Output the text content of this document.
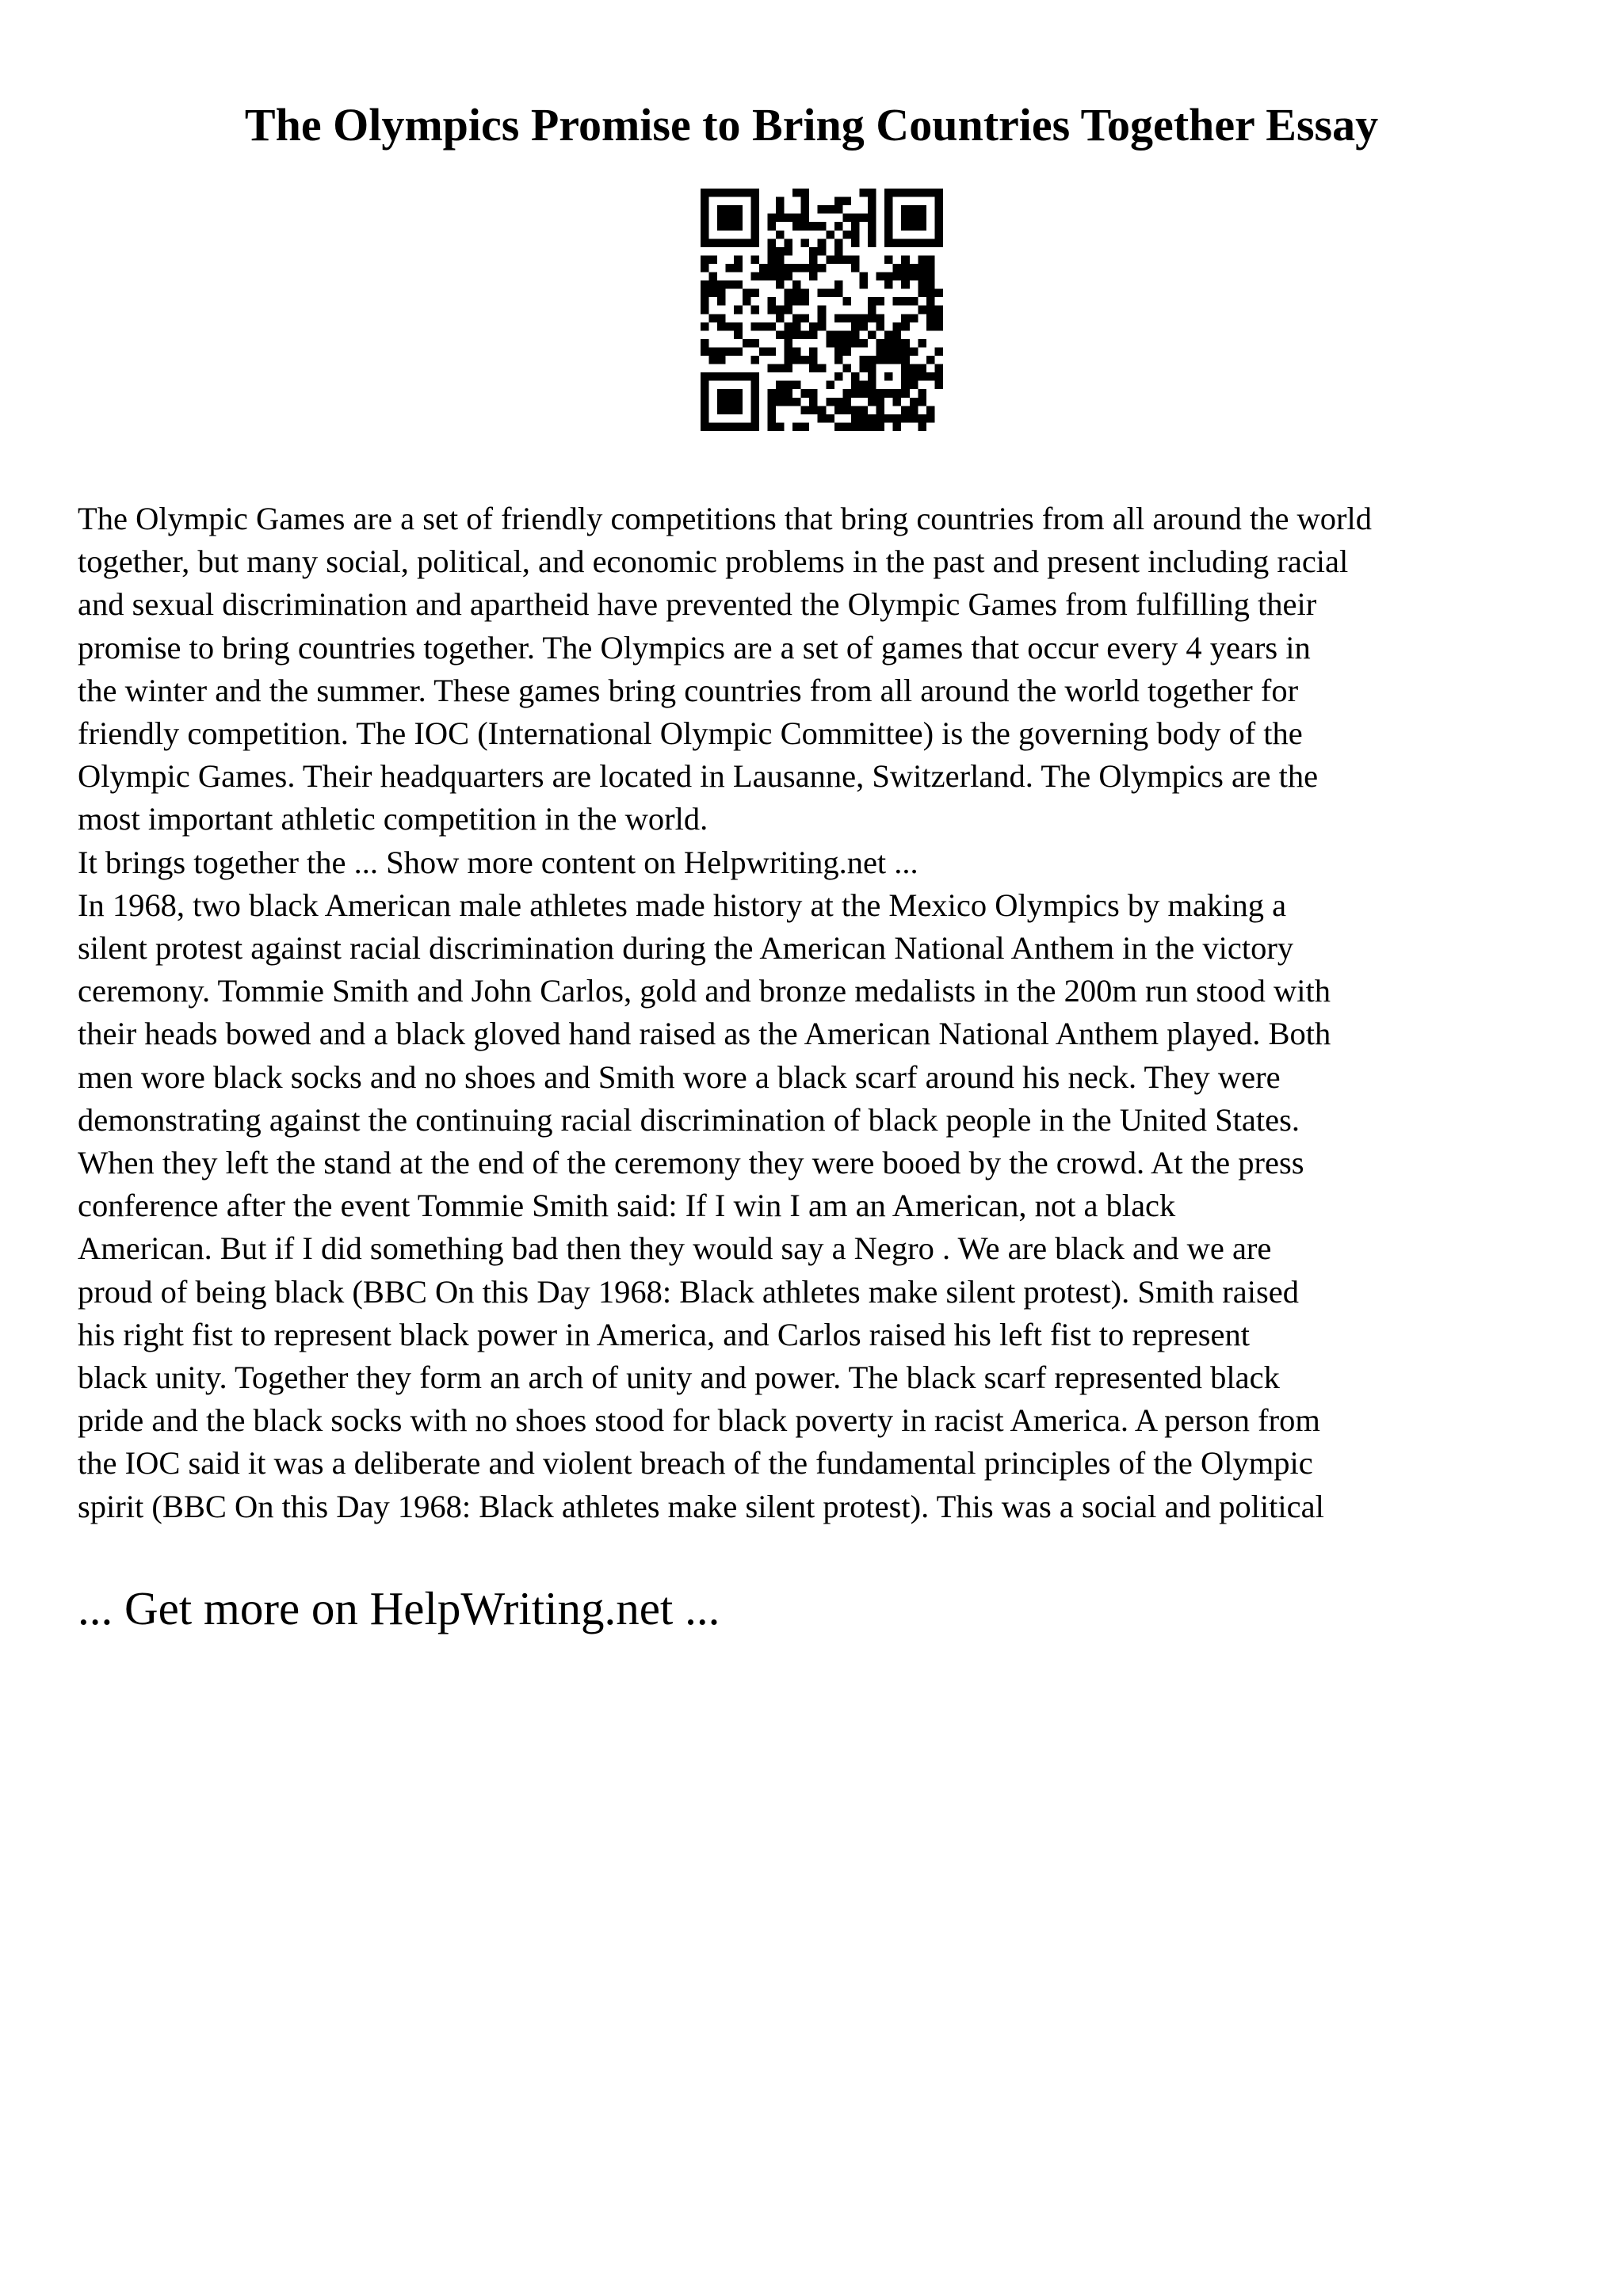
The Olympics Promise to Bring Countries Together Essay
The Olympic Games are a set of friendly competitions that bring countries from all around the world
together, but many social, political, and economic problems in the past and present including racial
and sexual discrimination and apartheid have prevented the Olympic Games from fulfilling their
promise to bring countries together. The Olympics are a set of games that occur every 4 years in
the winter and the summer. These games bring countries from all around the world together for
friendly competition. The IOC (International Olympic Committee) is the governing body of the
Olympic Games. Their headquarters are located in Lausanne, Switzerland. The Olympics are the
most important athletic competition in the world.
It brings together the ... Show more content on Helpwriting.net ...
In 1968, two black American male athletes made history at the Mexico Olympics by making a
silent protest against racial discrimination during the American National Anthem in the victory
ceremony. Tommie Smith and John Carlos, gold and bronze medalists in the 200m run stood with
their heads bowed and a black gloved hand raised as the American National Anthem played. Both
men wore black socks and no shoes and Smith wore a black scarf around his neck. They were
demonstrating against the continuing racial discrimination of black people in the United States.
When they left the stand at the end of the ceremony they were booed by the crowd. At the press
conference after the event Tommie Smith said: If I win I am an American, not a black
American. But if I did something bad then they would say a Negro . We are black and we are
proud of being black (BBC On this Day 1968: Black athletes make silent protest). Smith raised
his right fist to represent black power in America, and Carlos raised his left fist to represent
black unity. Together they form an arch of unity and power. The black scarf represented black
pride and the black socks with no shoes stood for black poverty in racist America. A person from
the IOC said it was a deliberate and violent breach of the fundamental principles of the Olympic
spirit (BBC On this Day 1968: Black athletes make silent protest). This was a social and political
... Get more on HelpWriting.net ...
